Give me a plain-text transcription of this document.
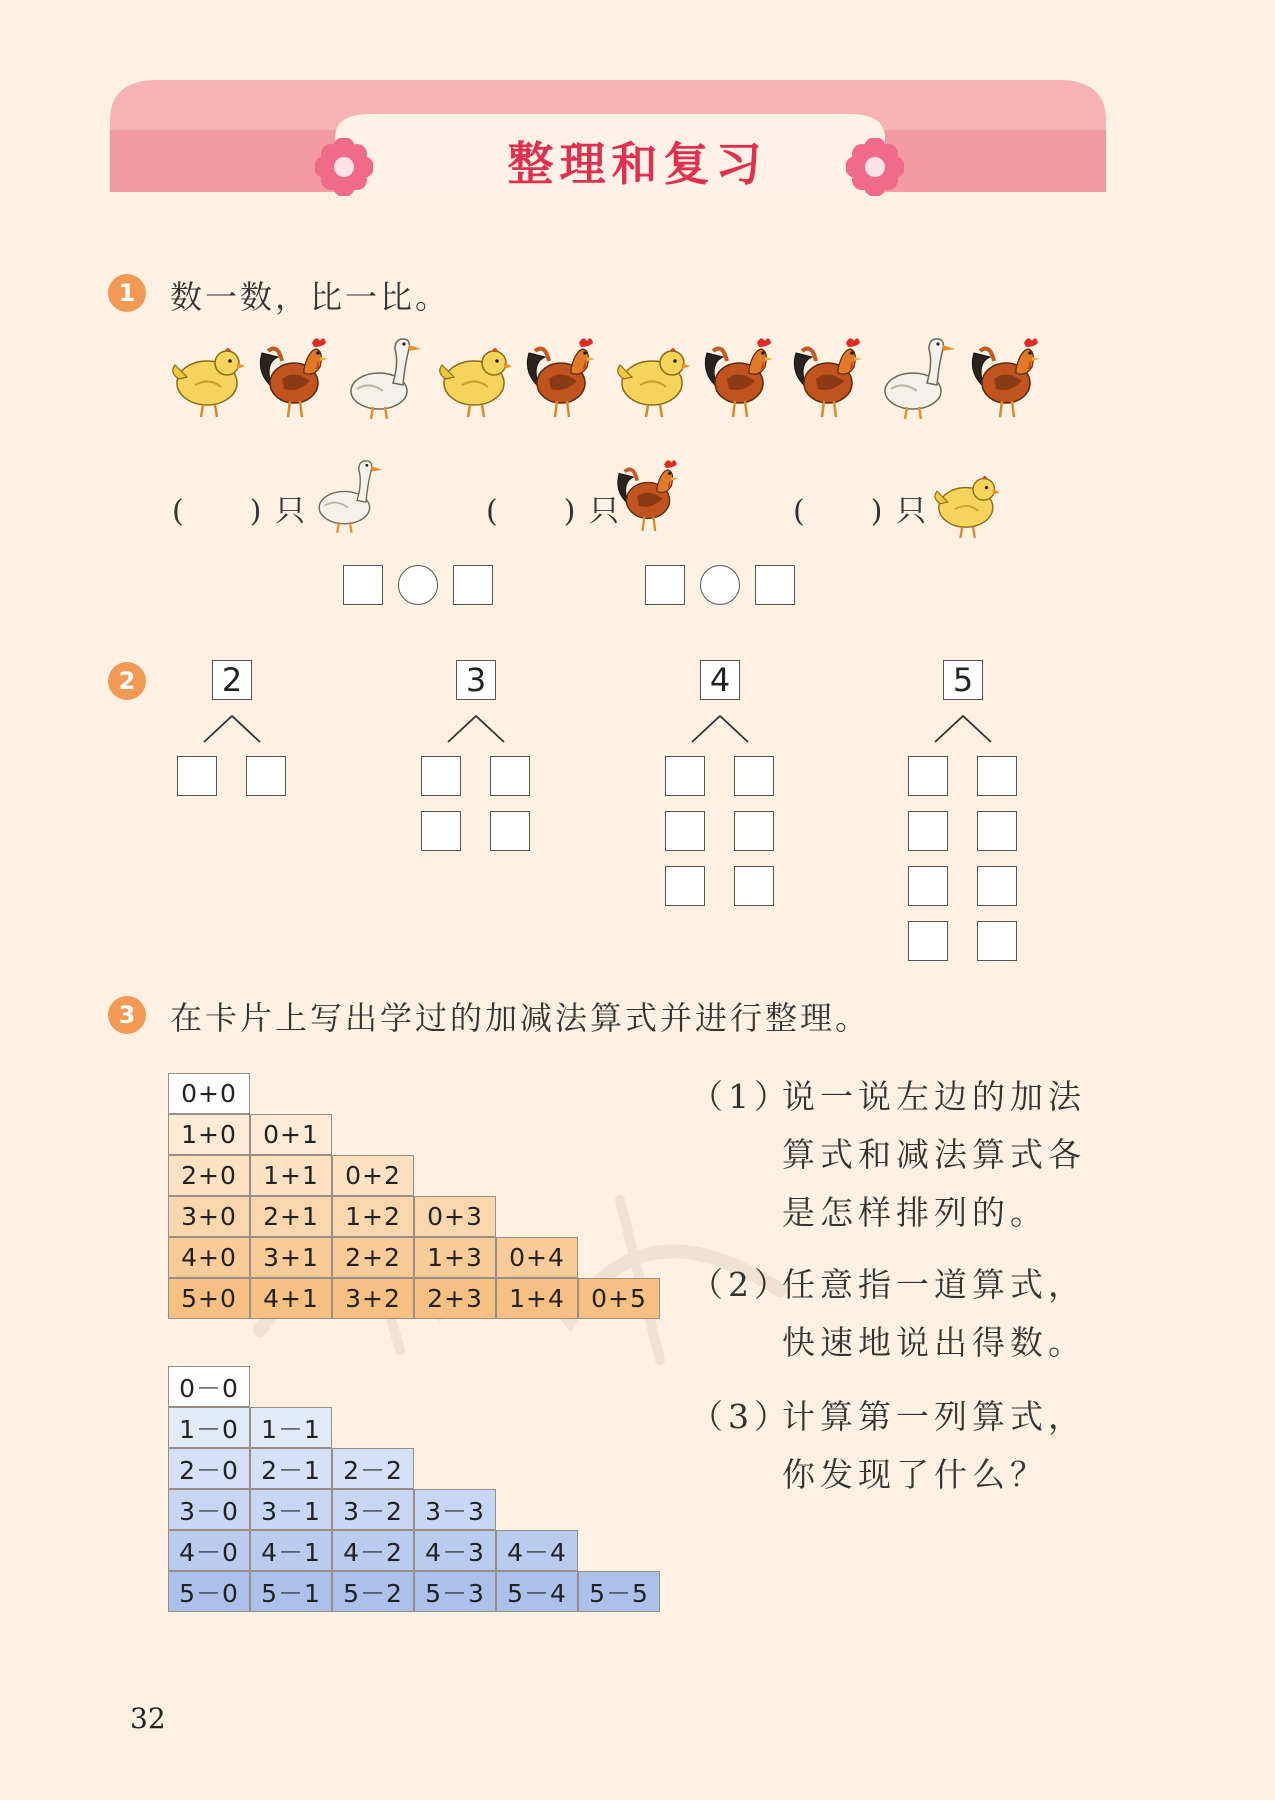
整理和复习
1	数一数，比一比。
(　　) 只	(　　) 只	(　　) 只
2	2	3	4	5
3	在卡片上写出学过的加减法算式并进行整理。
0+0
1+0	0+1
2+0	1+1	0+2
3+0	2+1	1+2	0+3
4+0	3+1	2+2	1+3	0+4
5+0	4+1	3+2	2+3	1+4	0+5
0－0
1－0 1－1
2－0 2－1 2－2
3－0 3－1 3－2 3－3
4－0 4－1 4－2 4－3 4－4
5－0 5－1 5－2 5－3 5－4 5－5
（1）
说一说左边的加法
算式和减法算式各
是怎样排列的。
（2）
任意指一道算式，
快速地说出得数。
（3）
计算第一列算式，
你发现了什么？
32
